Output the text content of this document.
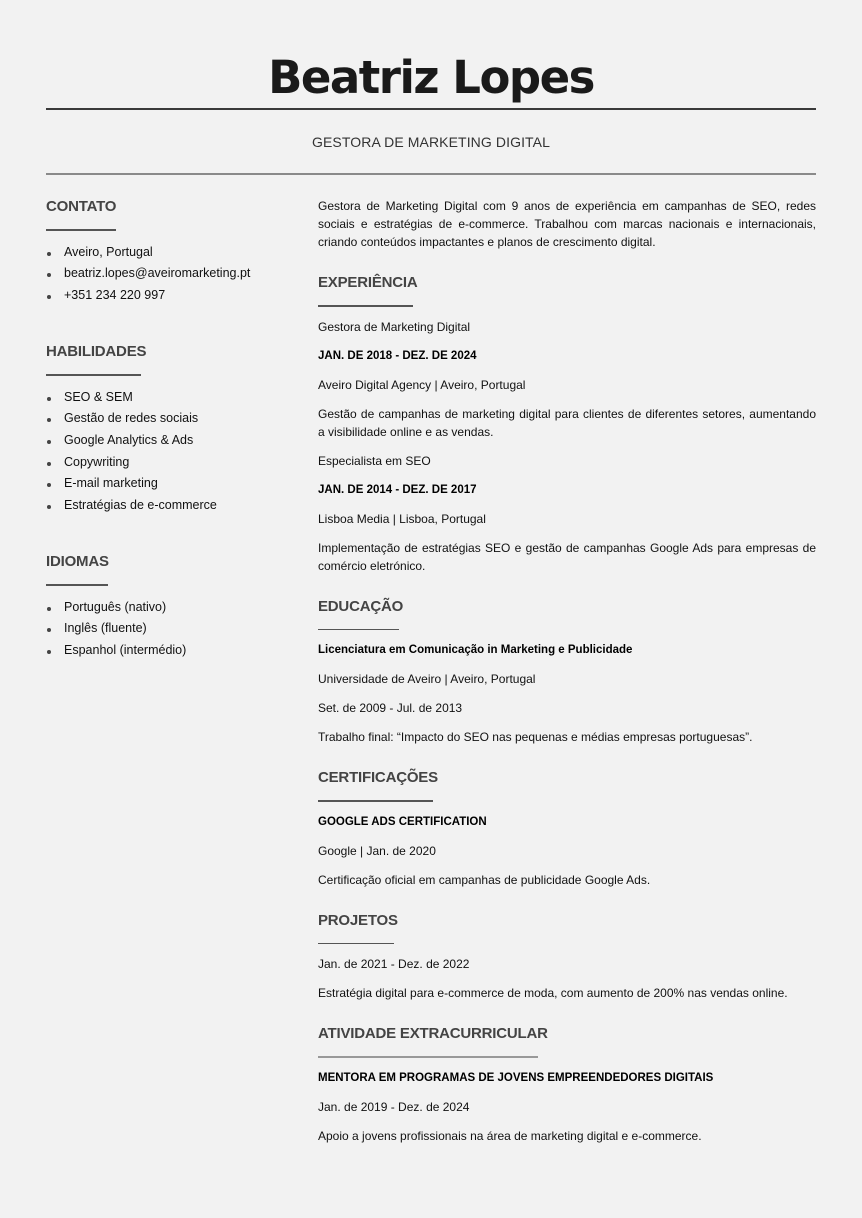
Beatriz Lopes
GESTORA DE MARKETING DIGITAL
CONTATO
Aveiro, Portugal
beatriz.lopes@aveiromarketing.pt
+351 234 220 997
HABILIDADES
SEO & SEM
Gestão de redes sociais
Google Analytics & Ads
Copywriting
E-mail marketing
Estratégias de e-commerce
IDIOMAS
Português (nativo)
Inglês (fluente)
Espanhol (intermédio)

Gestora de Marketing Digital com 9 anos de experiência em campanhas de SEO, redes sociais e estratégias de e-commerce. Trabalhou com marcas nacionais e internacionais, criando conteúdos impactantes e planos de crescimento digital.

EXPERIÊNCIA
Gestora de Marketing Digital
JAN. DE 2018 - DEZ. DE 2024
Aveiro Digital Agency | Aveiro, Portugal
Gestão de campanhas de marketing digital para clientes de diferentes setores, aumentando a visibilidade online e as vendas.
Especialista em SEO
JAN. DE 2014 - DEZ. DE 2017
Lisboa Media | Lisboa, Portugal
Implementação de estratégias SEO e gestão de campanhas Google Ads para empresas de comércio eletrónico.
EDUCAÇÃO
Licenciatura em Comunicação in Marketing e Publicidade
Universidade de Aveiro | Aveiro, Portugal
Set. de 2009 - Jul. de 2013
Trabalho final: “Impacto do SEO nas pequenas e médias empresas portuguesas”.
CERTIFICAÇÕES
GOOGLE ADS CERTIFICATION
Google | Jan. de 2020
Certificação oficial em campanhas de publicidade Google Ads.
PROJETOS
Jan. de 2021 - Dez. de 2022
Estratégia digital para e-commerce de moda, com aumento de 200% nas vendas online.
ATIVIDADE EXTRACURRICULAR
MENTORA EM PROGRAMAS DE JOVENS EMPREENDEDORES DIGITAIS
Jan. de 2019 - Dez. de 2024
Apoio a jovens profissionais na área de marketing digital e e-commerce.
